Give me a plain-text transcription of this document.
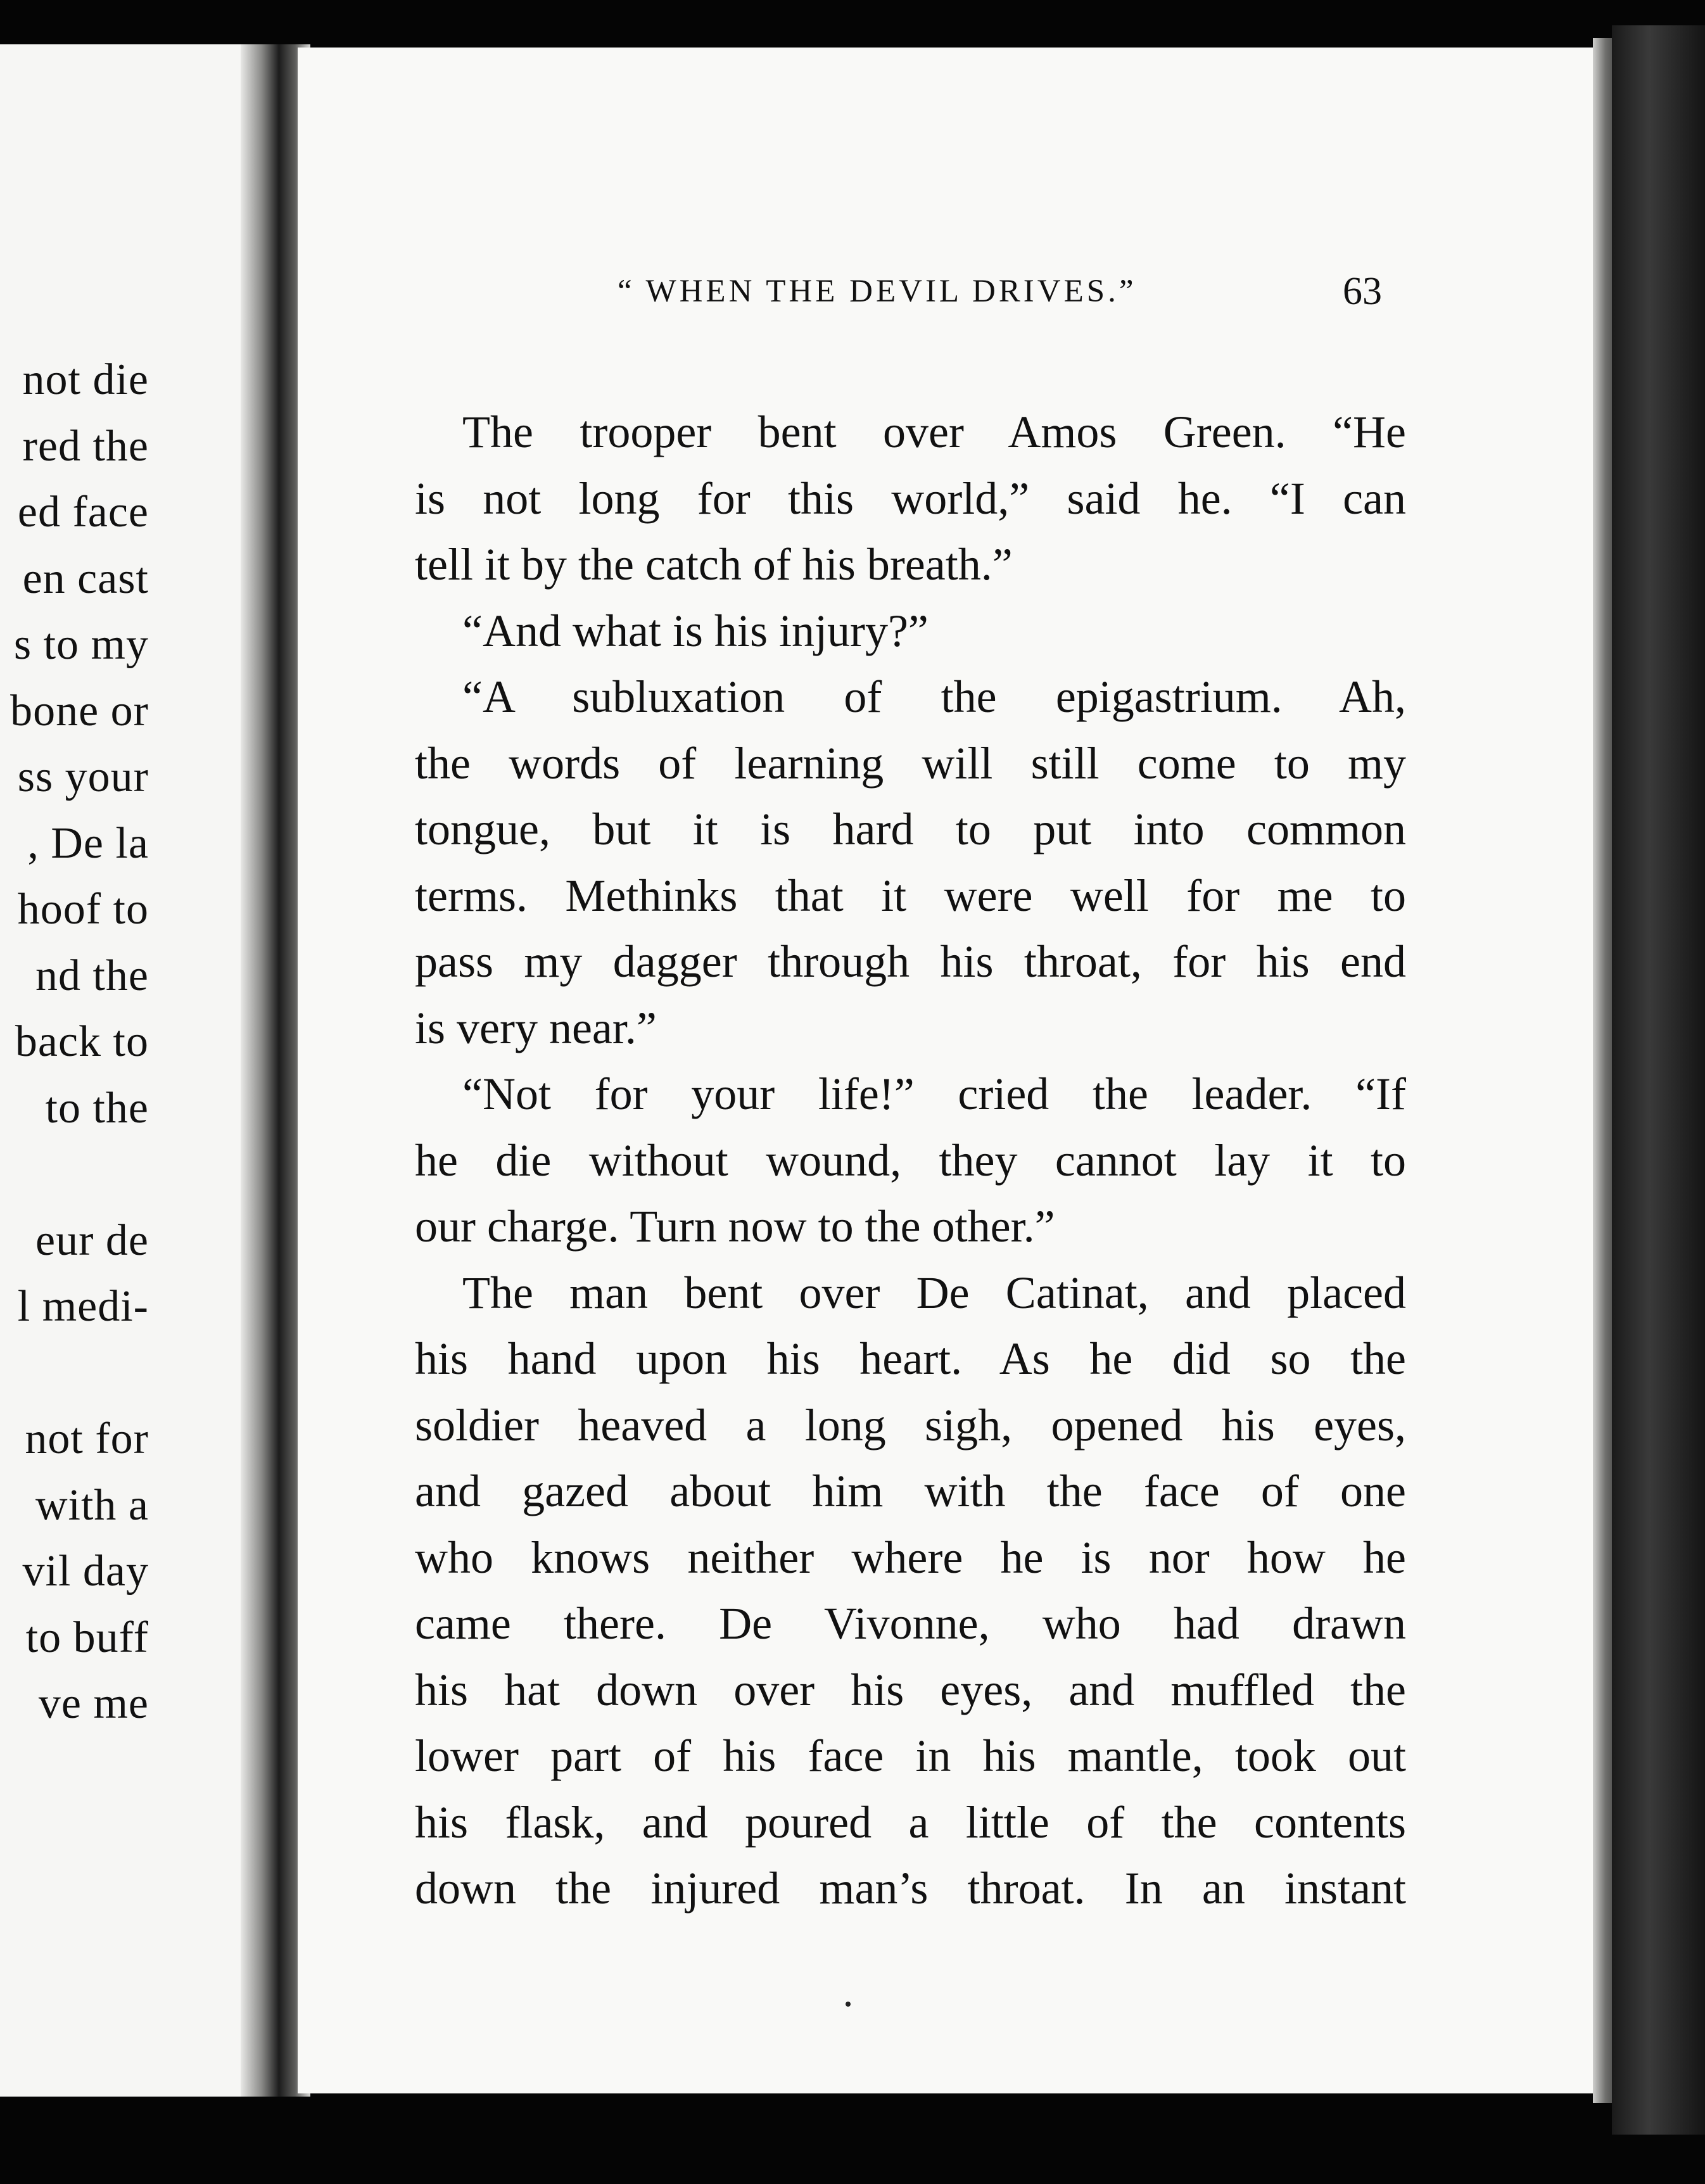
not die
red the
ed face
en cast
s to my
bone or
ss your
, De la
hoof to
nd the
back to
to the
eur de
l medi-
not for
with a
vil day
to buff
ve me
“ WHEN THE DEVIL DRIVES.”	63
The trooper bent over Amos Green. “He
is not long for this world,” said he. “I can
tell it by the catch of his breath.”
“And what is his injury?”
“A subluxation of the epigastrium. Ah,
the words of learning will still come to my
tongue, but it is hard to put into common
terms. Methinks that it were well for me to
pass my dagger through his throat, for his end
is very near.”
“Not for your life!” cried the leader. “If
he die without wound, they cannot lay it to
our charge. Turn now to the other.”
The man bent over De Catinat, and placed
his hand upon his heart. As he did so the
soldier heaved a long sigh, opened his eyes,
and gazed about him with the face of one
who knows neither where he is nor how he
came there. De Vivonne, who had drawn
his hat down over his eyes, and muffled the
lower part of his face in his mantle, took out
his flask, and poured a little of the contents
down the injured man’s throat. In an instant
